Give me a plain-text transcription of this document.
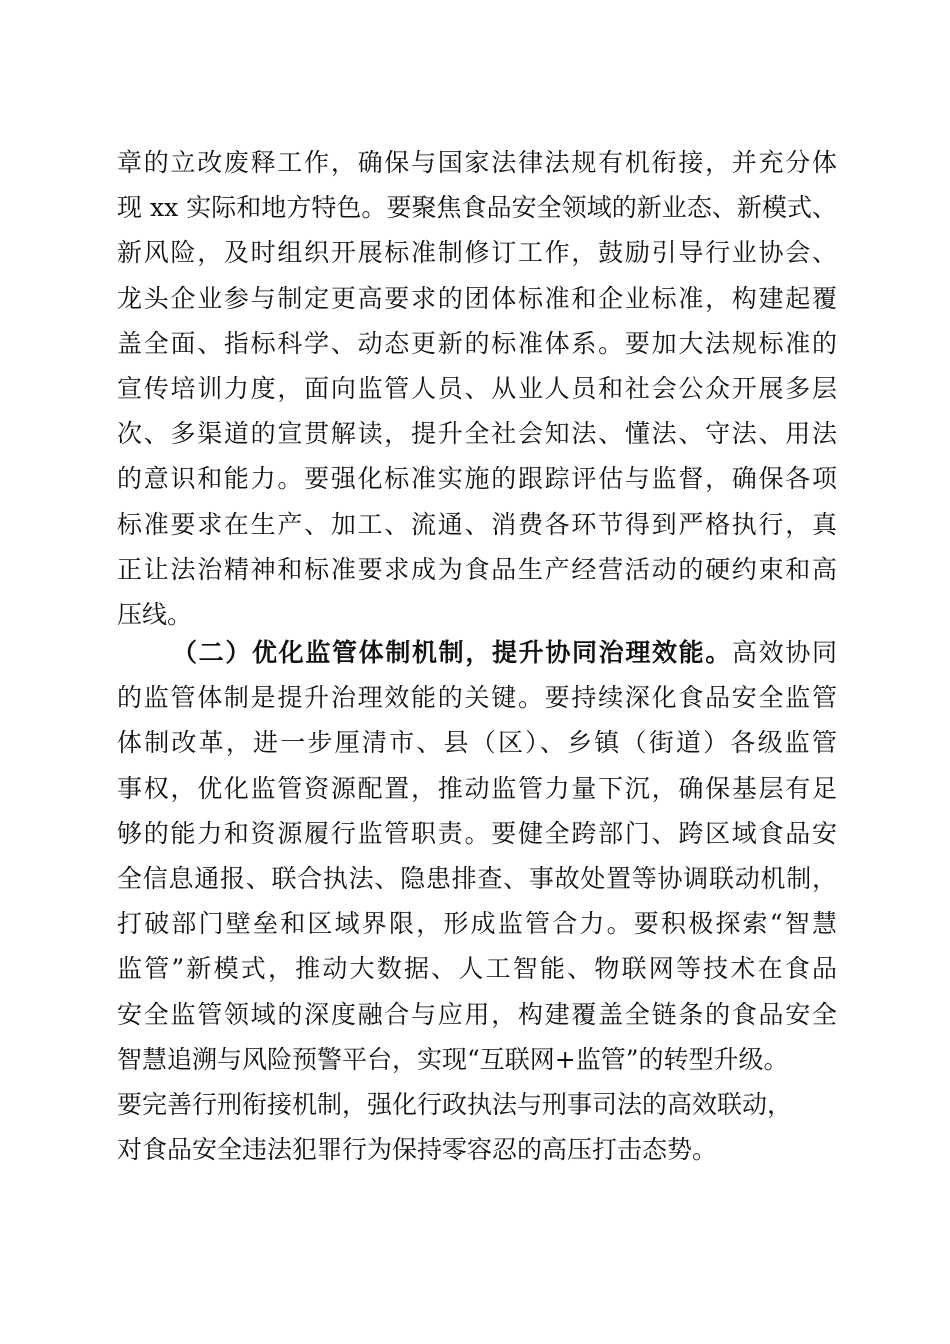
章的立改废释工作，确保与国家法律法规有机衔接，并充分体
现 xx 实际和地方特色。要聚焦食品安全领域的新业态、新模式、
新风险，及时组织开展标准制修订工作，鼓励引导行业协会、
龙头企业参与制定更高要求的团体标准和企业标准，构建起覆
盖全面、指标科学、动态更新的标准体系。要加大法规标准的
宣传培训力度，面向监管人员、从业人员和社会公众开展多层
次、多渠道的宣贯解读，提升全社会知法、懂法、守法、用法
的意识和能力。要强化标准实施的跟踪评估与监督，确保各项
标准要求在生产、加工、流通、消费各环节得到严格执行，真
正让法治精神和标准要求成为食品生产经营活动的硬约束和高
压线。
（二）优化监管体制机制，提升协同治理效能。高效协同
的监管体制是提升治理效能的关键。要持续深化食品安全监管
体制改革，进一步厘清市、县（区）、乡镇（街道）各级监管
事权，优化监管资源配置，推动监管力量下沉，确保基层有足
够的能力和资源履行监管职责。要健全跨部门、跨区域食品安
全信息通报、联合执法、隐患排查、事故处置等协调联动机制，
打破部门壁垒和区域界限，形成监管合力。要积极探索“智慧
监管”新模式，推动大数据、人工智能、物联网等技术在食品
安全监管领域的深度融合与应用，构建覆盖全链条的食品安全
智慧追溯与风险预警平台，实现“互联网+监管”的转型升级。
要完善行刑衔接机制，强化行政执法与刑事司法的高效联动，
对食品安全违法犯罪行为保持零容忍的高压打击态势。
